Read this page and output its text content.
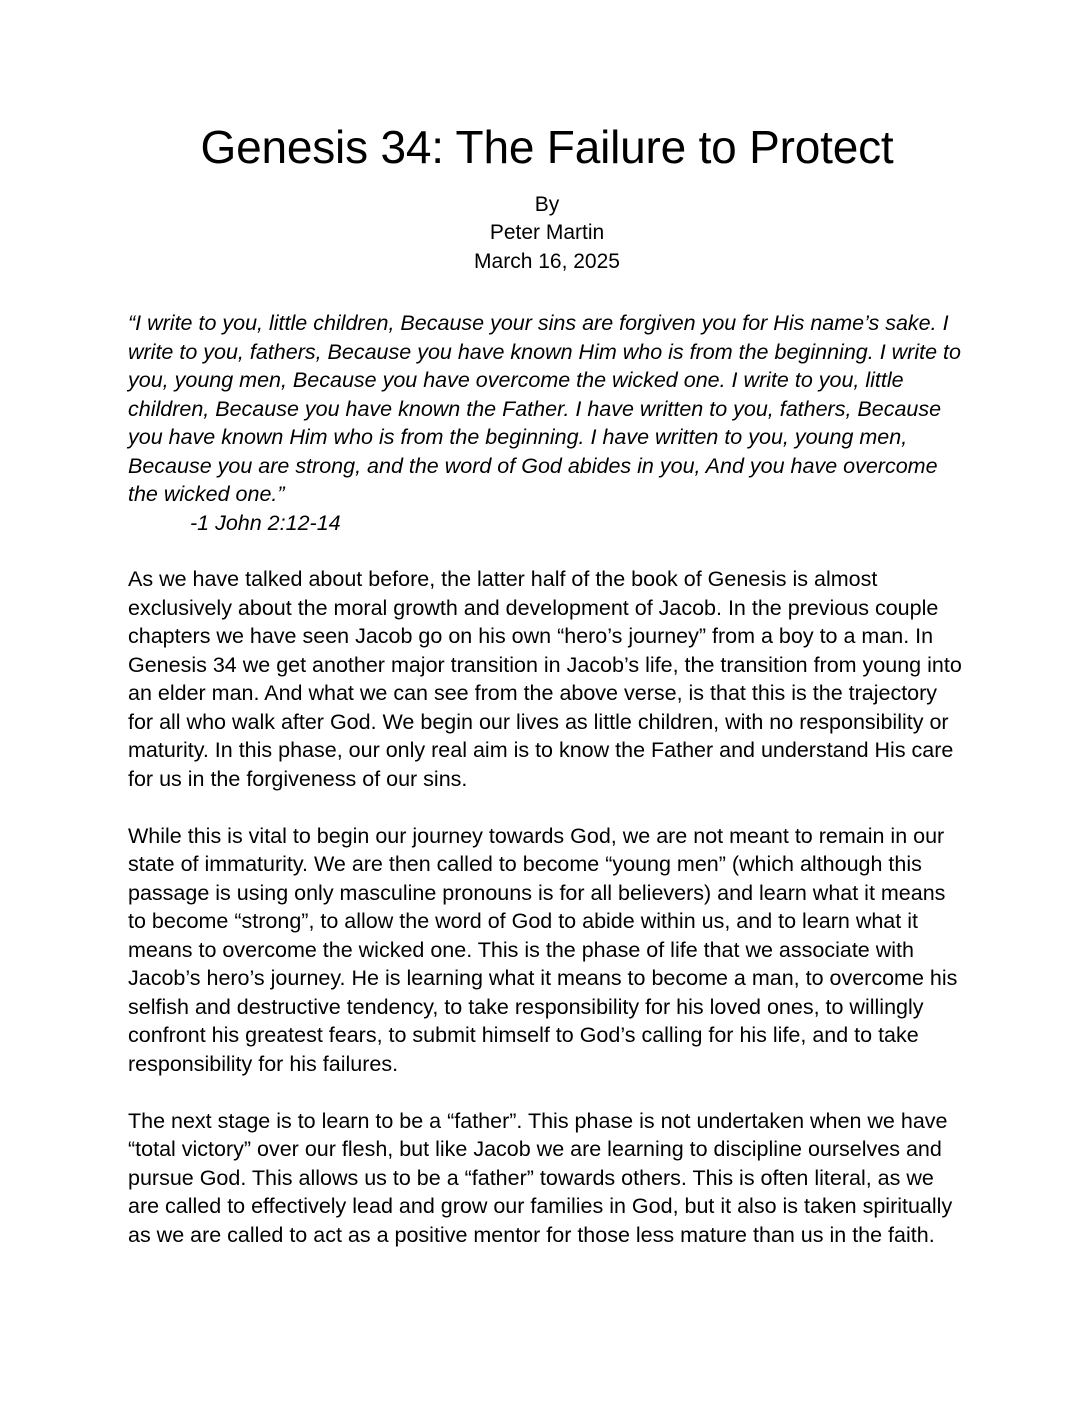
Genesis 34: The Failure to Protect
By
Peter Martin
March 16, 2025

“I write to you, little children, Because your sins are forgiven you for His name’s sake. I write to you, fathers, Because you have known Him who is from the beginning. I write to you, young men, Because you have overcome the wicked one. I write to you, little children, Because you have known the Father. I have written to you, fathers, Because you have known Him who is from the beginning. I have written to you, young men, Because you are strong, and the word of God abides in you, And you have overcome the wicked one.”

-1 John 2:12-14

As we have talked about before, the latter half of the book of Genesis is almost exclusively about the moral growth and development of Jacob. In the previous couple chapters we have seen Jacob go on his own “hero’s journey” from a boy to a man. In Genesis 34 we get another major transition in Jacob’s life, the transition from young into an elder man. And what we can see from the above verse, is that this is the trajectory for all who walk after God. We begin our lives as little children, with no responsibility or maturity. In this phase, our only real aim is to know the Father and understand His care for us in the forgiveness of our sins.

While this is vital to begin our journey towards God, we are not meant to remain in our state of immaturity. We are then called to become “young men” (which although this passage is using only masculine pronouns is for all believers) and learn what it means to become “strong”, to allow the word of God to abide within us, and to learn what it means to overcome the wicked one. This is the phase of life that we associate with Jacob’s hero’s journey. He is learning what it means to become a man, to overcome his selfish and destructive tendency, to take responsibility for his loved ones, to willingly confront his greatest fears, to submit himself to God’s calling for his life, and to take responsibility for his failures.

The next stage is to learn to be a “father”. This phase is not undertaken when we have “total victory” over our flesh, but like Jacob we are learning to discipline ourselves and pursue God. This allows us to be a “father” towards others. This is often literal, as we are called to effectively lead and grow our families in God, but it also is taken spiritually as we are called to act as a positive mentor for those less mature than us in the faith.
